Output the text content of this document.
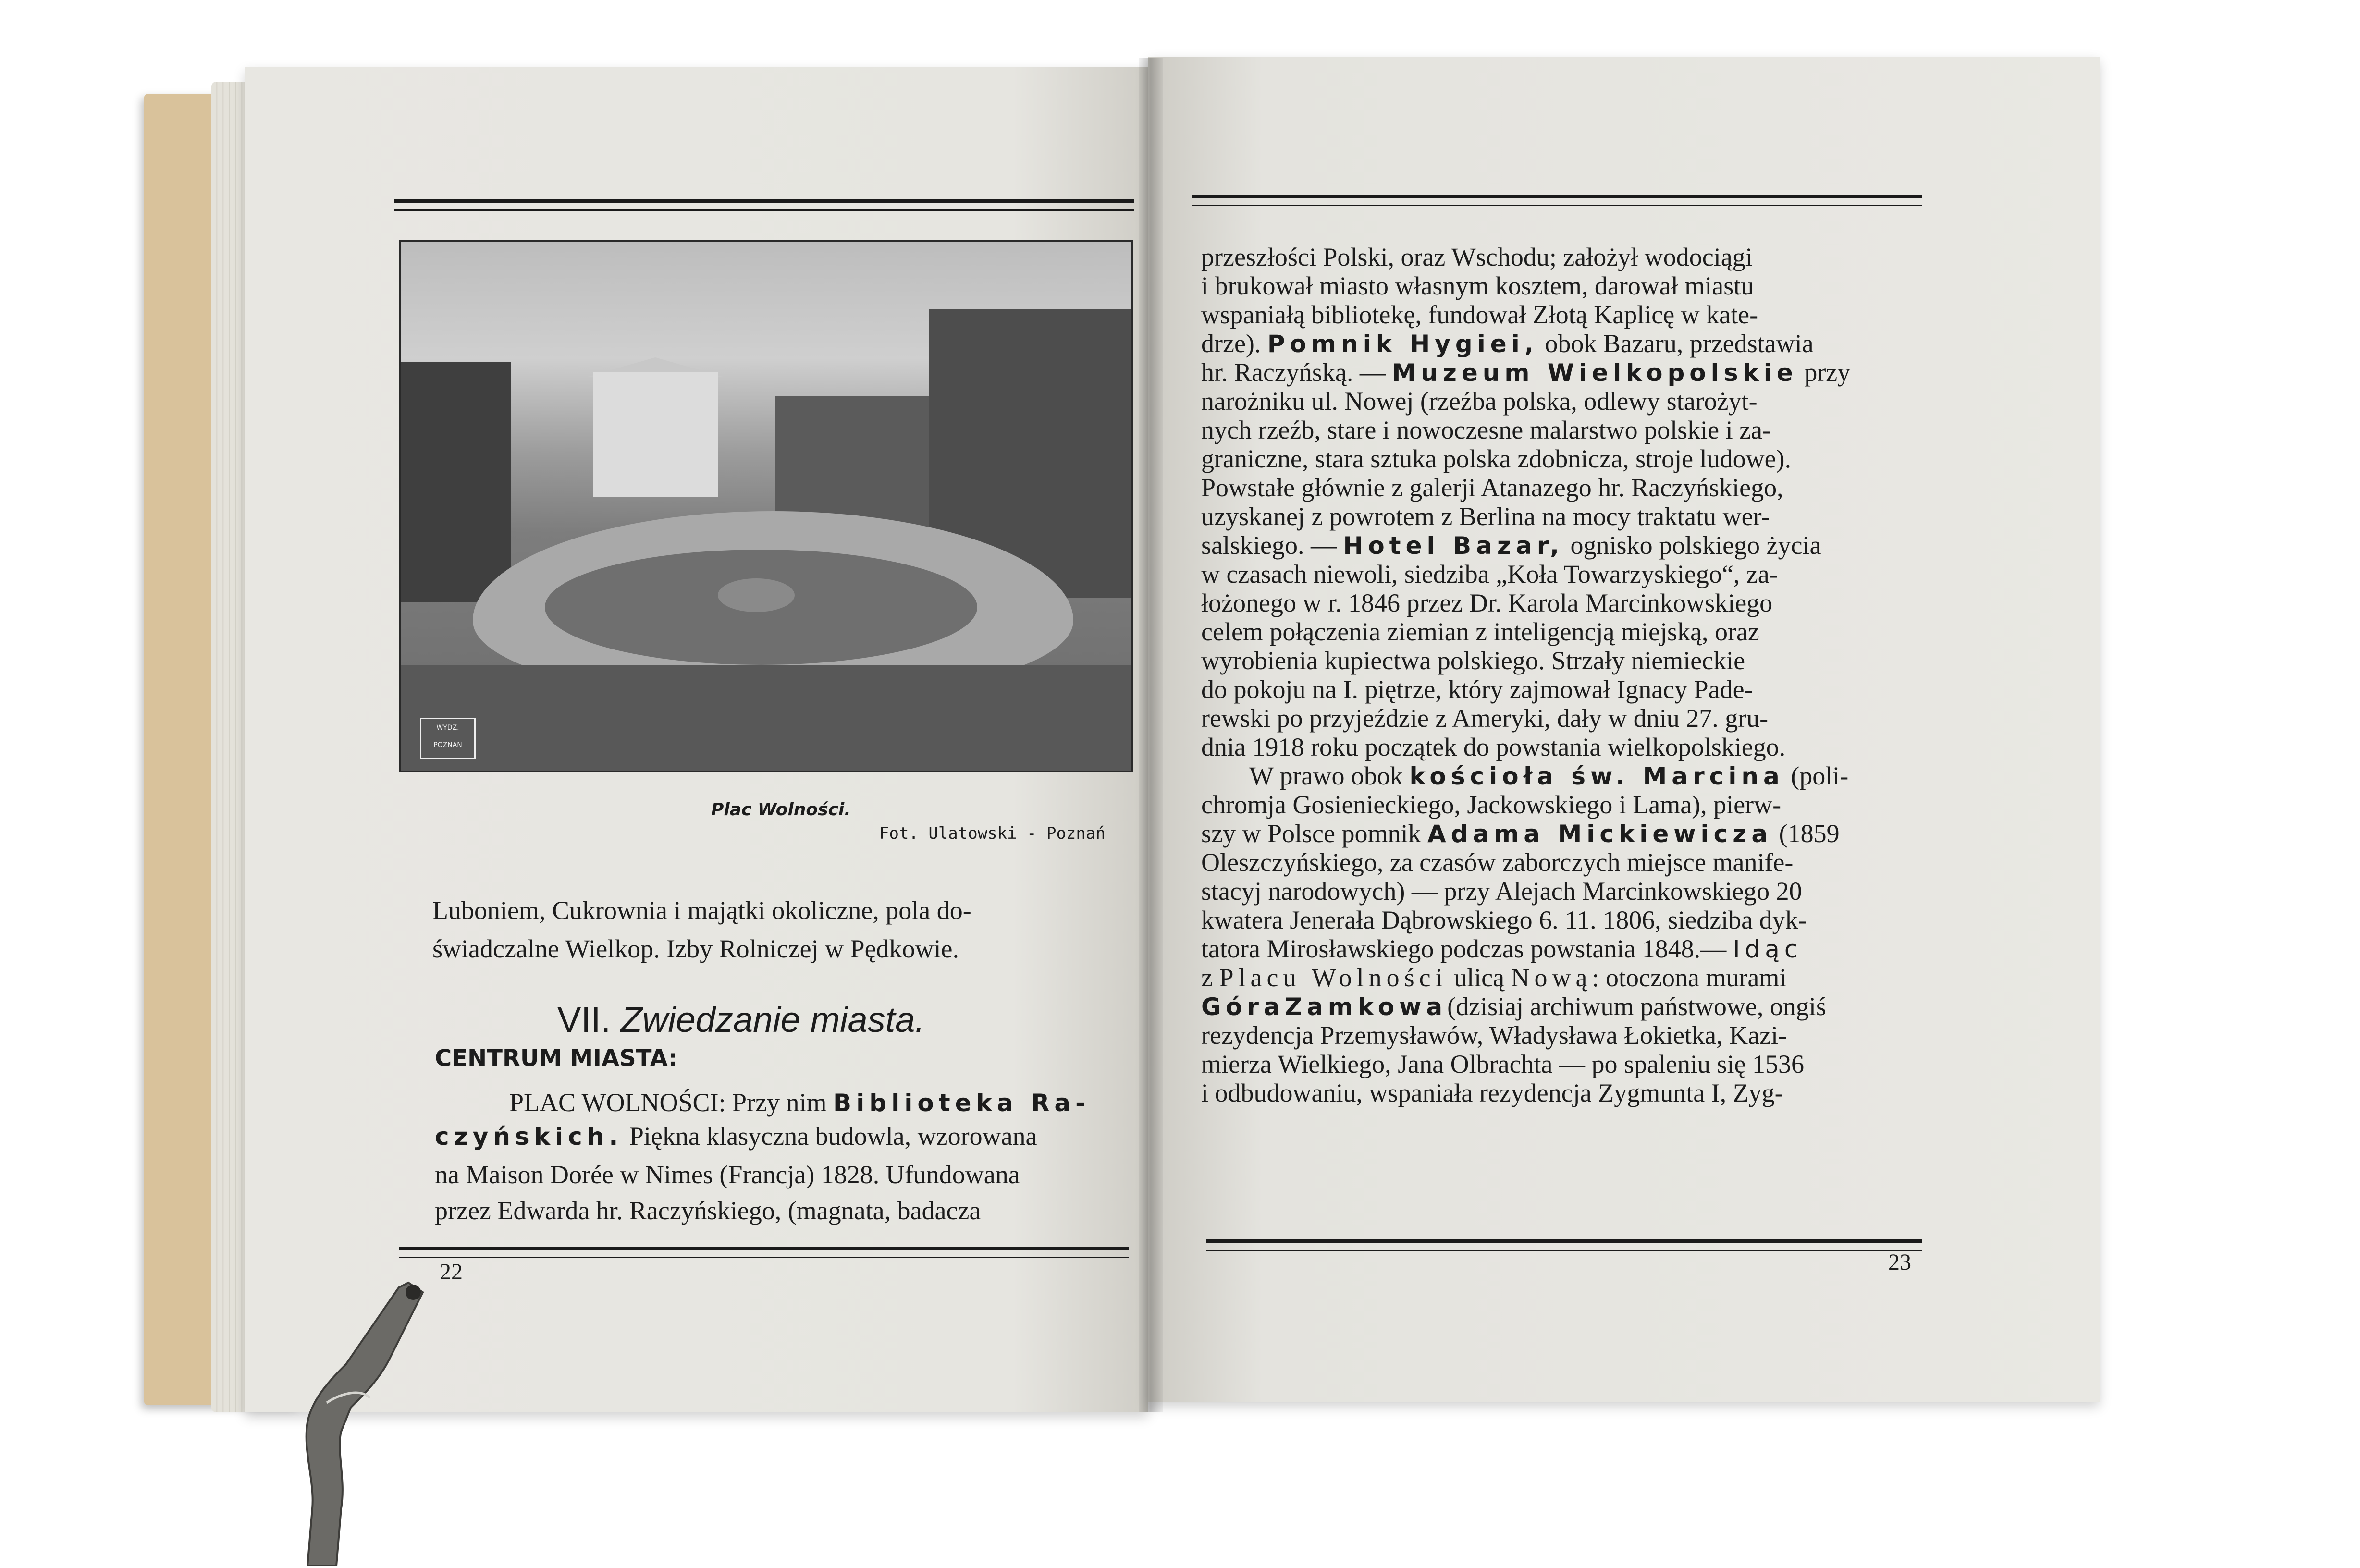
WYDZ. POZNAN
Plac Wolności.
Fot. Ulatowski - Poznań
Luboniem, Cukrownia i majątki okoliczne, pola do-
świadczalne Wielkop. Izby Rolniczej w Pędkowie.
VII. Zwiedzanie miasta.
CENTRUM MIASTA:
PLAC WOLNOŚCI: Przy nim Biblioteka Ra-
czyńskich. Piękna klasyczna budowla, wzorowana
na Maison Dorée w Nimes (Francja) 1828. Ufundowana
przez Edwarda hr. Raczyńskiego, (magnata, badacza
22
przeszłości Polski, oraz Wschodu; założył wodociągi
i brukował miasto własnym kosztem, darował miastu
wspaniałą bibliotekę, fundował Złotą Kaplicę w kate-
drze). Pomnik Hygiei, obok Bazaru, przedstawia
hr. Raczyńską. — Muzeum Wielkopolskie przy
narożniku ul. Nowej (rzeźba polska, odlewy starożyt-
nych rzeźb, stare i nowoczesne malarstwo polskie i za-
graniczne, stara sztuka polska zdobnicza, stroje ludowe).
Powstałe głównie z galerji Atanazego hr. Raczyńskiego,
uzyskanej z powrotem z Berlina na mocy traktatu wer-
salskiego. — Hotel Bazar, ognisko polskiego życia
w czasach niewoli, siedziba „Koła Towarzyskiego“, za-
łożonego w r. 1846 przez Dr. Karola Marcinkowskiego
celem połączenia ziemian z inteligencją miejską, oraz
wyrobienia kupiectwa polskiego. Strzały niemieckie
do pokoju na I. piętrze, który zajmował Ignacy Pade-
rewski po przyjeździe z Ameryki, dały w dniu 27. gru-
dnia 1918 roku początek do powstania wielkopolskiego.
W prawo obok kościoła św. Marcina (poli-
chromja Gosienieckiego, Jackowskiego i Lama), pierw-
szy w Polsce pomnik Adama Mickiewicza (1859
Oleszczyńskiego, za czasów zaborczych miejsce manife-
stacyj narodowych) — przy Alejach Marcinkowskiego 20
kwatera Jenerała Dąbrowskiego 6. 11. 1806, siedziba dyk-
tatora Mirosławskiego podczas powstania 1848.— Idąc
z Placu Wolności ulicą Nową: otoczona murami
GóraZamkowa(dzisiaj archiwum państwowe, ongiś
rezydencja Przemysławów, Władysława Łokietka, Kazi-
mierza Wielkiego, Jana Olbrachta — po spaleniu się 1536
i odbudowaniu, wspaniała rezydencja Zygmunta I, Zyg-
23
